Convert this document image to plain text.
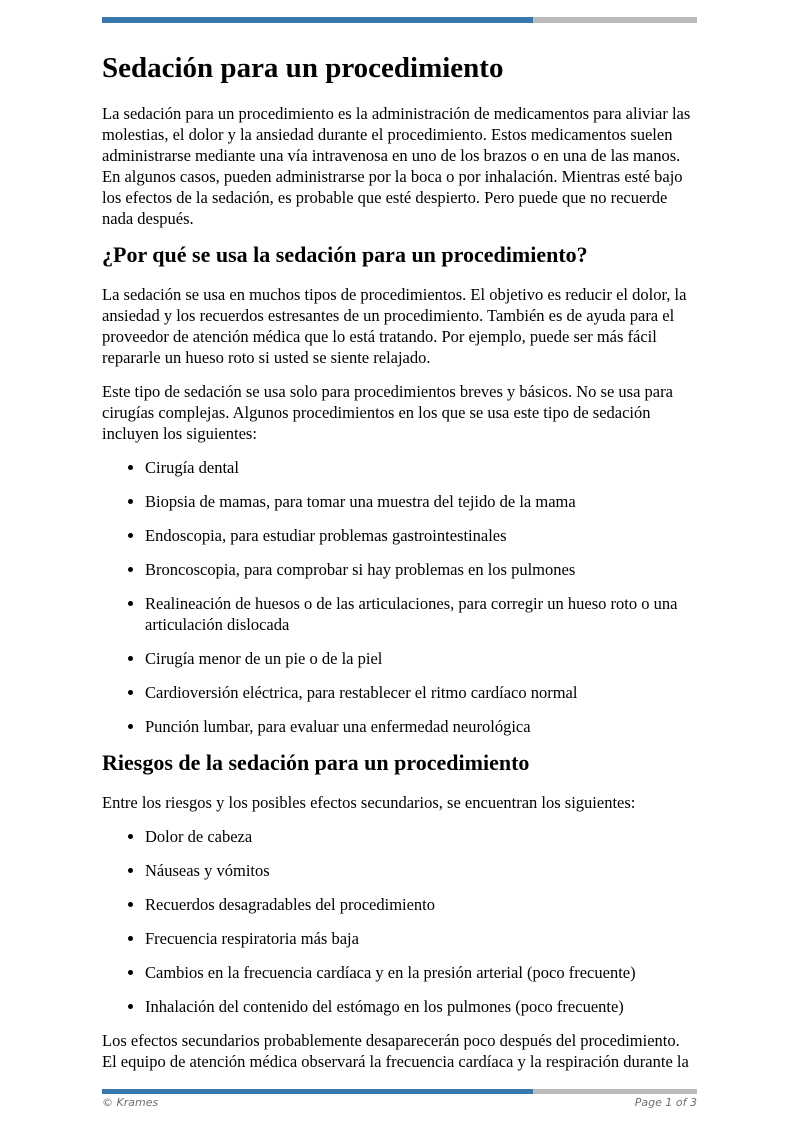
Sedación para un procedimiento

La sedación para un procedimiento es la administración de medicamentos para aliviar las molestias, el dolor y la ansiedad durante el procedimiento. Estos medicamentos suelen administrarse mediante una vía intravenosa en uno de los brazos o en una de las manos. En algunos casos, pueden administrarse por la boca o por inhalación. Mientras esté bajo los efectos de la sedación, es probable que esté despierto. Pero puede que no recuerde nada después.

¿Por qué se usa la sedación para un procedimiento?

La sedación se usa en muchos tipos de procedimientos. El objetivo es reducir el dolor, la ansiedad y los recuerdos estresantes de un procedimiento. También es de ayuda para el proveedor de atención médica que lo está tratando. Por ejemplo, puede ser más fácil repararle un hueso roto si usted se siente relajado.

Este tipo de sedación se usa solo para procedimientos breves y básicos. No se usa para cirugías complejas. Algunos procedimientos en los que se usa este tipo de sedación incluyen los siguientes:

• Cirugía dental
• Biopsia de mamas, para tomar una muestra del tejido de la mama
• Endoscopia, para estudiar problemas gastrointestinales
• Broncoscopia, para comprobar si hay problemas en los pulmones
• Realineación de huesos o de las articulaciones, para corregir un hueso roto o una articulación dislocada
• Cirugía menor de un pie o de la piel
• Cardioversión eléctrica, para restablecer el ritmo cardíaco normal
• Punción lumbar, para evaluar una enfermedad neurológica
Riesgos de la sedación para un procedimiento

Entre los riesgos y los posibles efectos secundarios, se encuentran los siguientes:

• Dolor de cabeza
• Náuseas y vómitos
• Recuerdos desagradables del procedimiento
• Frecuencia respiratoria más baja
• Cambios en la frecuencia cardíaca y en la presión arterial (poco frecuente)
• Inhalación del contenido del estómago en los pulmones (poco frecuente)

Los efectos secundarios probablemente desaparecerán poco después del procedimiento. El equipo de atención médica observará la frecuencia cardíaca y la respiración durante la

© Krames	Page 1 of 3
